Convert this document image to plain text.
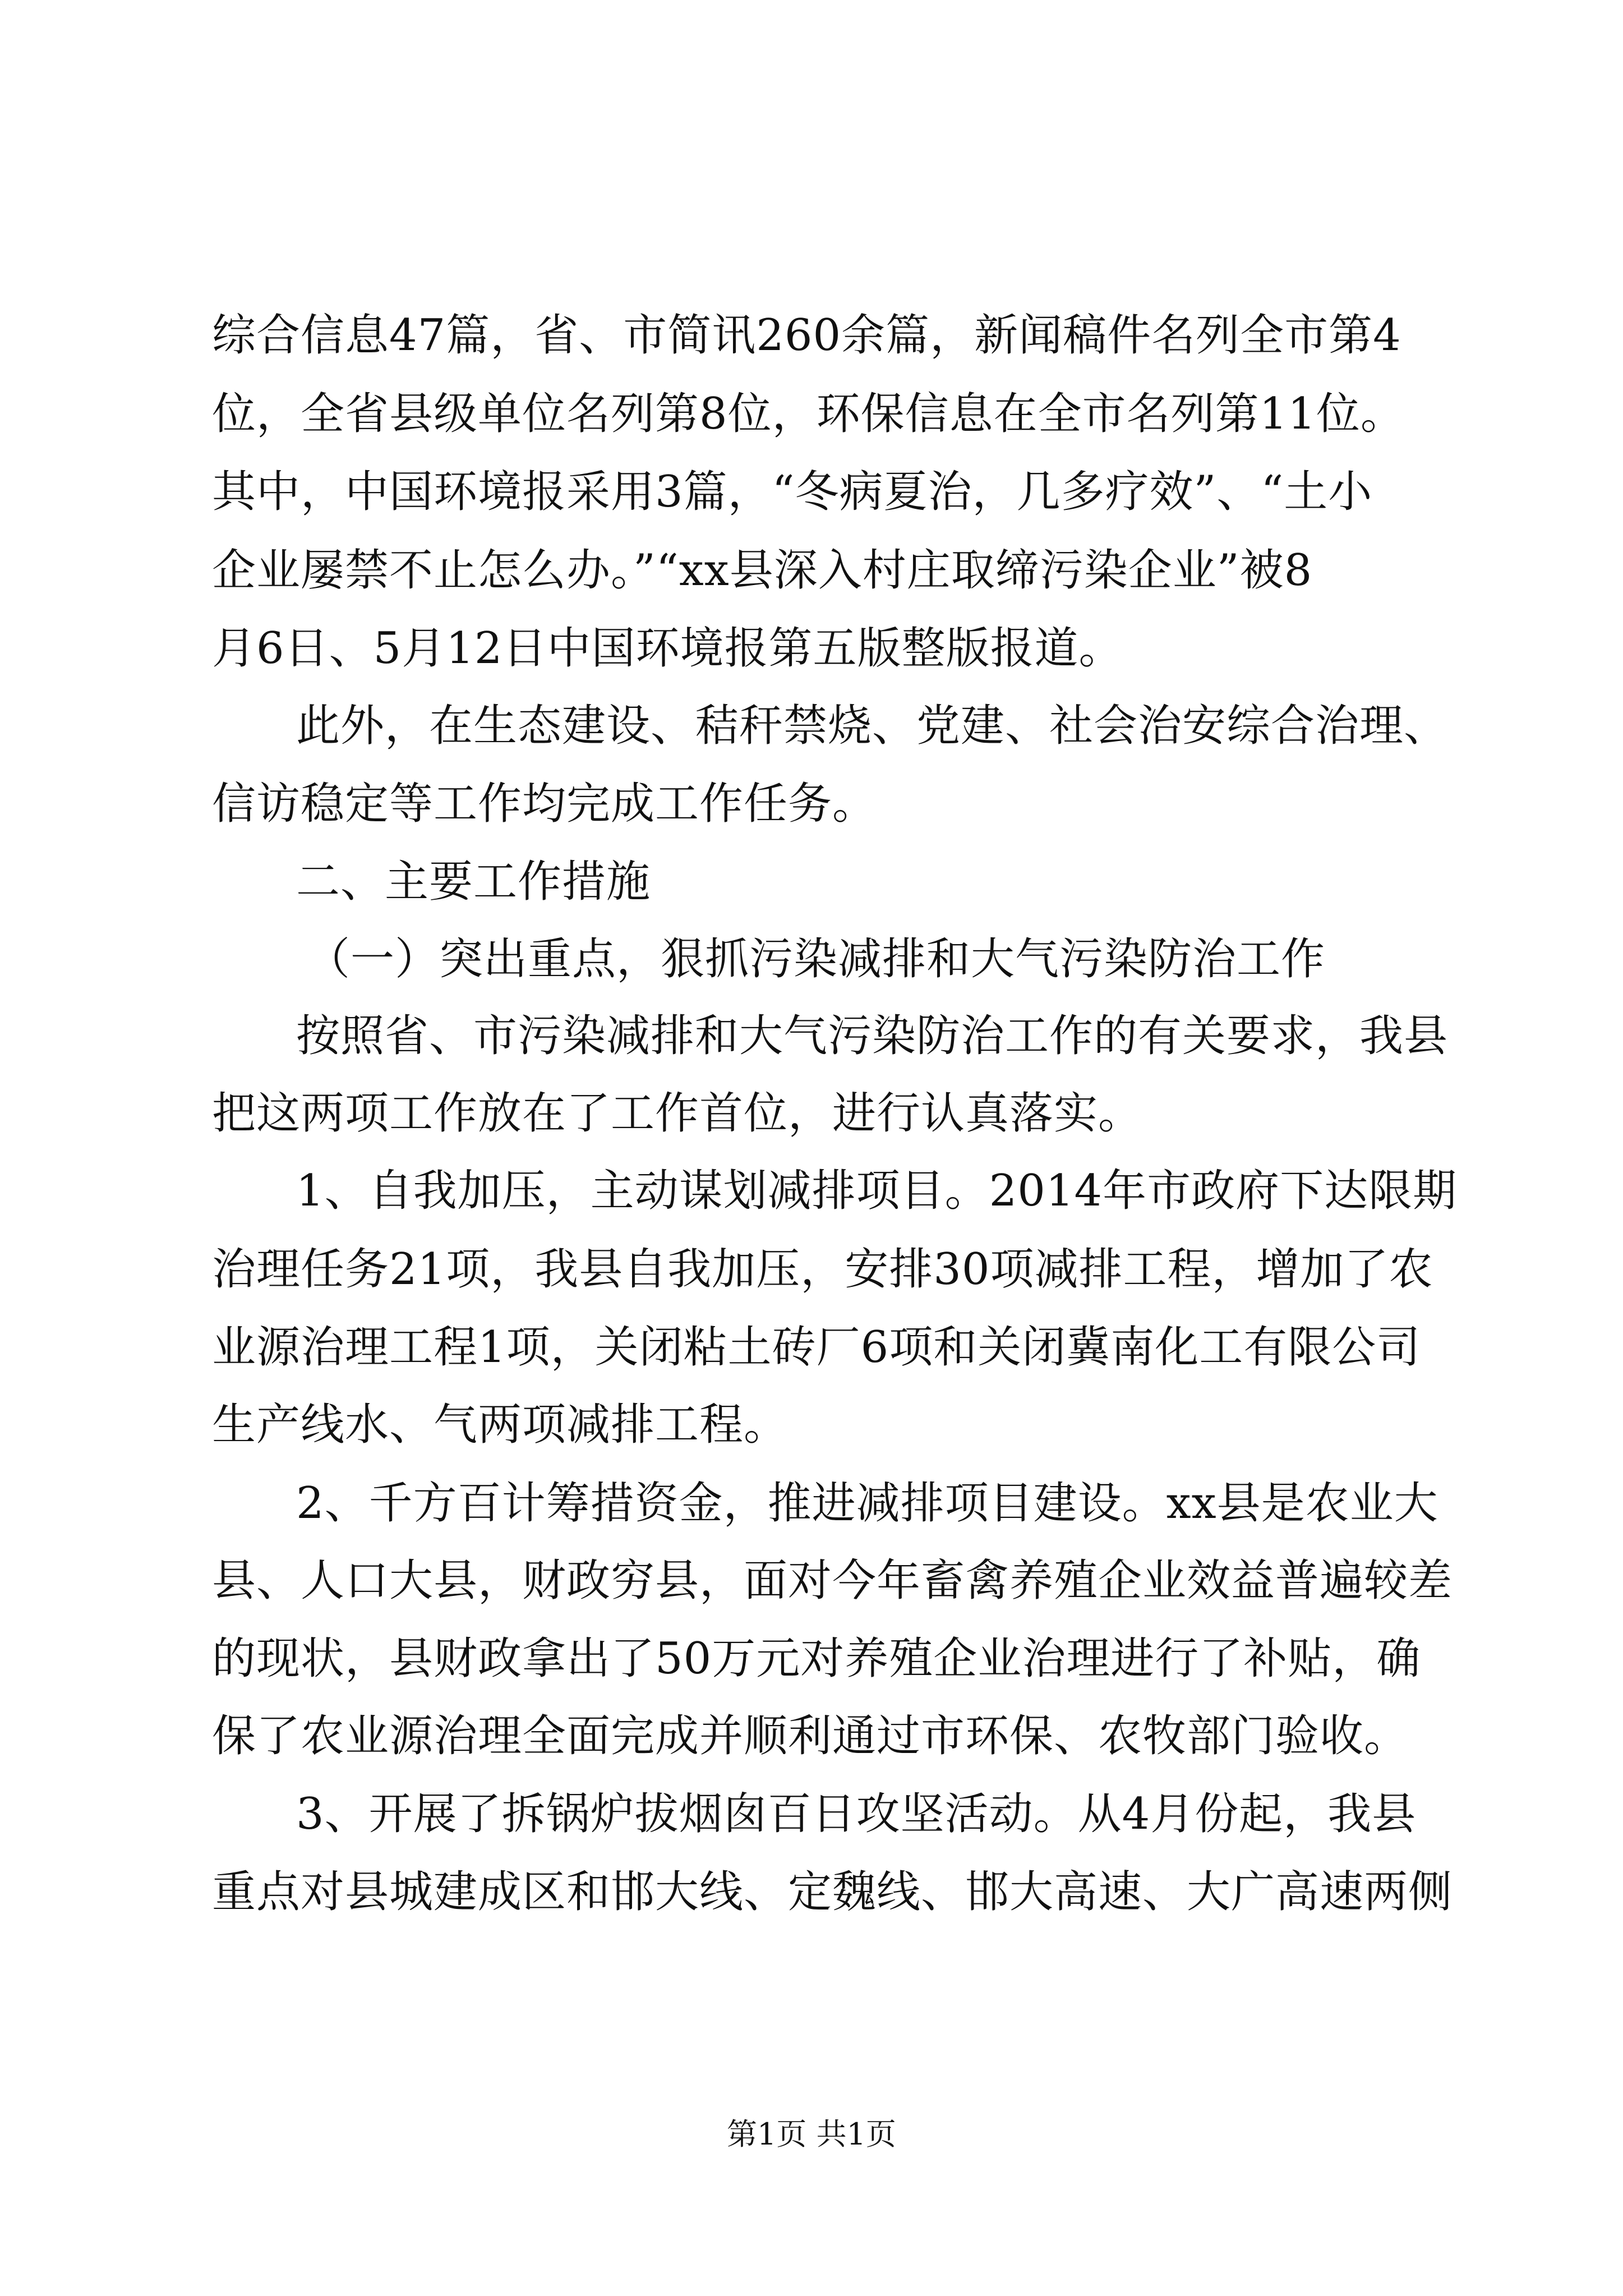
综合信息47篇，省、市简讯260余篇，新闻稿件名列全市第4
位，全省县级单位名列第8位，环保信息在全市名列第11位。
其中，中国环境报采用3篇，“冬病夏治，几多疗效”、“土小
企业屡禁不止怎么办。”“xx县深入村庄取缔污染企业”被8
月6日、5月12日中国环境报第五版整版报道。
此外，在生态建设、秸秆禁烧、党建、社会治安综合治理、
信访稳定等工作均完成工作任务。
二、主要工作措施
（一）突出重点，狠抓污染减排和大气污染防治工作
按照省、市污染减排和大气污染防治工作的有关要求，我县
把这两项工作放在了工作首位，进行认真落实。
1、自我加压，主动谋划减排项目。2014年市政府下达限期
治理任务21项，我县自我加压，安排30项减排工程，增加了农
业源治理工程1项，关闭粘土砖厂6项和关闭冀南化工有限公司
生产线水、气两项减排工程。
2、千方百计筹措资金，推进减排项目建设。xx县是农业大
县、人口大县，财政穷县，面对今年畜禽养殖企业效益普遍较差
的现状，县财政拿出了50万元对养殖企业治理进行了补贴，确
保了农业源治理全面完成并顺利通过市环保、农牧部门验收。
3、开展了拆锅炉拔烟囱百日攻坚活动。从4月份起，我县
重点对县城建成区和邯大线、定魏线、邯大高速、大广高速两侧
第1页 共1页
